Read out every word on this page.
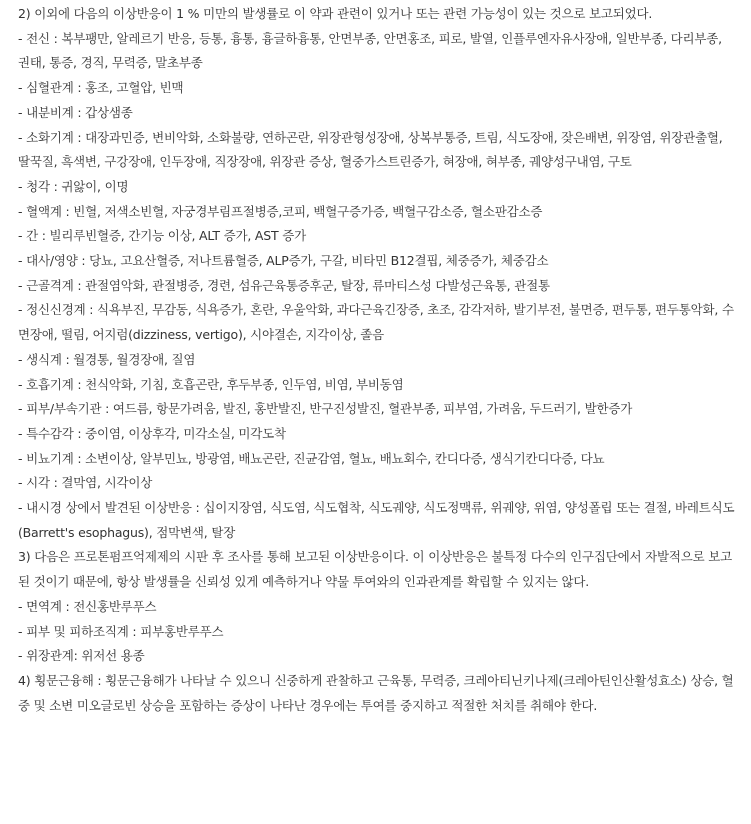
2) 이외에 다음의 이상반응이 1 % 미만의 발생률로 이 약과 관련이 있거나 또는 관련 가능성이 있는 것으로 보고되었다.

- 전신 : 복부팽만, 알레르기 반응, 등통, 흉통, 흉글하흉통, 안면부종, 안면홍조, 피로, 발열, 인플루엔자유사장애, 일반부종, 다리부종, 권태, 통증, 경직, 무력증, 말초부종

- 심혈관계 : 홍조, 고혈압, 빈맥

- 내분비계 : 갑상샘종

- 소화기계 : 대장과민증, 변비악화, 소화불량, 연하곤란, 위장관형성장애, 상복부통증, 트림, 식도장애, 잦은배변, 위장염, 위장관출혈, 딸꾹질, 흑색변, 구강장애, 인두장애, 직장장애, 위장관 증상, 혈중가스트린증가, 혀장애, 혀부종, 궤양성구내염, 구토

- 청각 : 귀앓이, 이명

- 혈액계 : 빈혈, 저색소빈혈, 자궁경부림프절병증,코피, 백혈구증가증, 백혈구감소증, 혈소판감소증

- 간 : 빌리루빈혈증, 간기능 이상, ALT 증가, AST 증가

- 대사/영양 : 당뇨, 고요산혈증, 저나트륨혈증, ALP증가, 구갈, 비타민 B12결핍, 체중증가, 체중감소

- 근골격계 : 관절염악화, 관절병증, 경련, 섬유근육통증후군, 탈장, 류마티스성 다발성근육통, 관절통

- 정신신경계 : 식욕부진, 무감동, 식욕증가, 혼란, 우울악화, 과다근육긴장증, 초조, 감각저하, 발기부전, 불면증, 편두통, 편두통악화, 수면장애, 떨림, 어지럼(dizziness, vertigo), 시야결손, 지각이상, 졸음

- 생식계 : 월경통, 월경장애, 질염

- 호흡기계 : 천식악화, 기침, 호흡곤란, 후두부종, 인두염, 비염, 부비동염

- 피부/부속기관 : 여드름, 항문가려움, 발진, 홍반발진, 반구진성발진, 혈관부종, 피부염, 가려움, 두드러기, 발한증가

- 특수감각 : 중이염, 이상후각, 미각소실, 미각도착

- 비뇨기계 : 소변이상, 알부민뇨, 방광염, 배뇨곤란, 진균감염, 혈뇨, 배뇨회수, 칸디다증, 생식기칸디다증, 다뇨

- 시각 : 결막염, 시각이상

- 내시경 상에서 발견된 이상반응 : 십이지장염, 식도염, 식도협착, 식도궤양, 식도정맥류, 위궤양, 위염, 양성폴립 또는 결절, 바레트식도(Barrett's esophagus), 점막변색, 탈장

3) 다음은 프로톤펌프억제제의 시판 후 조사를 통해 보고된 이상반응이다. 이 이상반응은 불특정 다수의 인구집단에서 자발적으로 보고된 것이기 때문에, 항상 발생률을 신뢰성 있게 예측하거나 약물 투여와의 인과관계를 확립할 수 있지는 않다.

- 면역계 : 전신홍반루푸스

- 피부 및 피하조직계 : 피부홍반루푸스

- 위장관계: 위저선 용종

4) 횡문근융해 : 횡문근융해가 나타날 수 있으니 신중하게 관찰하고 근육통, 무력증, 크레아티닌키나제(크레아틴인산활성효소) 상승, 혈중 및 소변 미오글로빈 상승을 포함하는 증상이 나타난 경우에는 투여를 중지하고 적절한 처치를 취해야 한다.
